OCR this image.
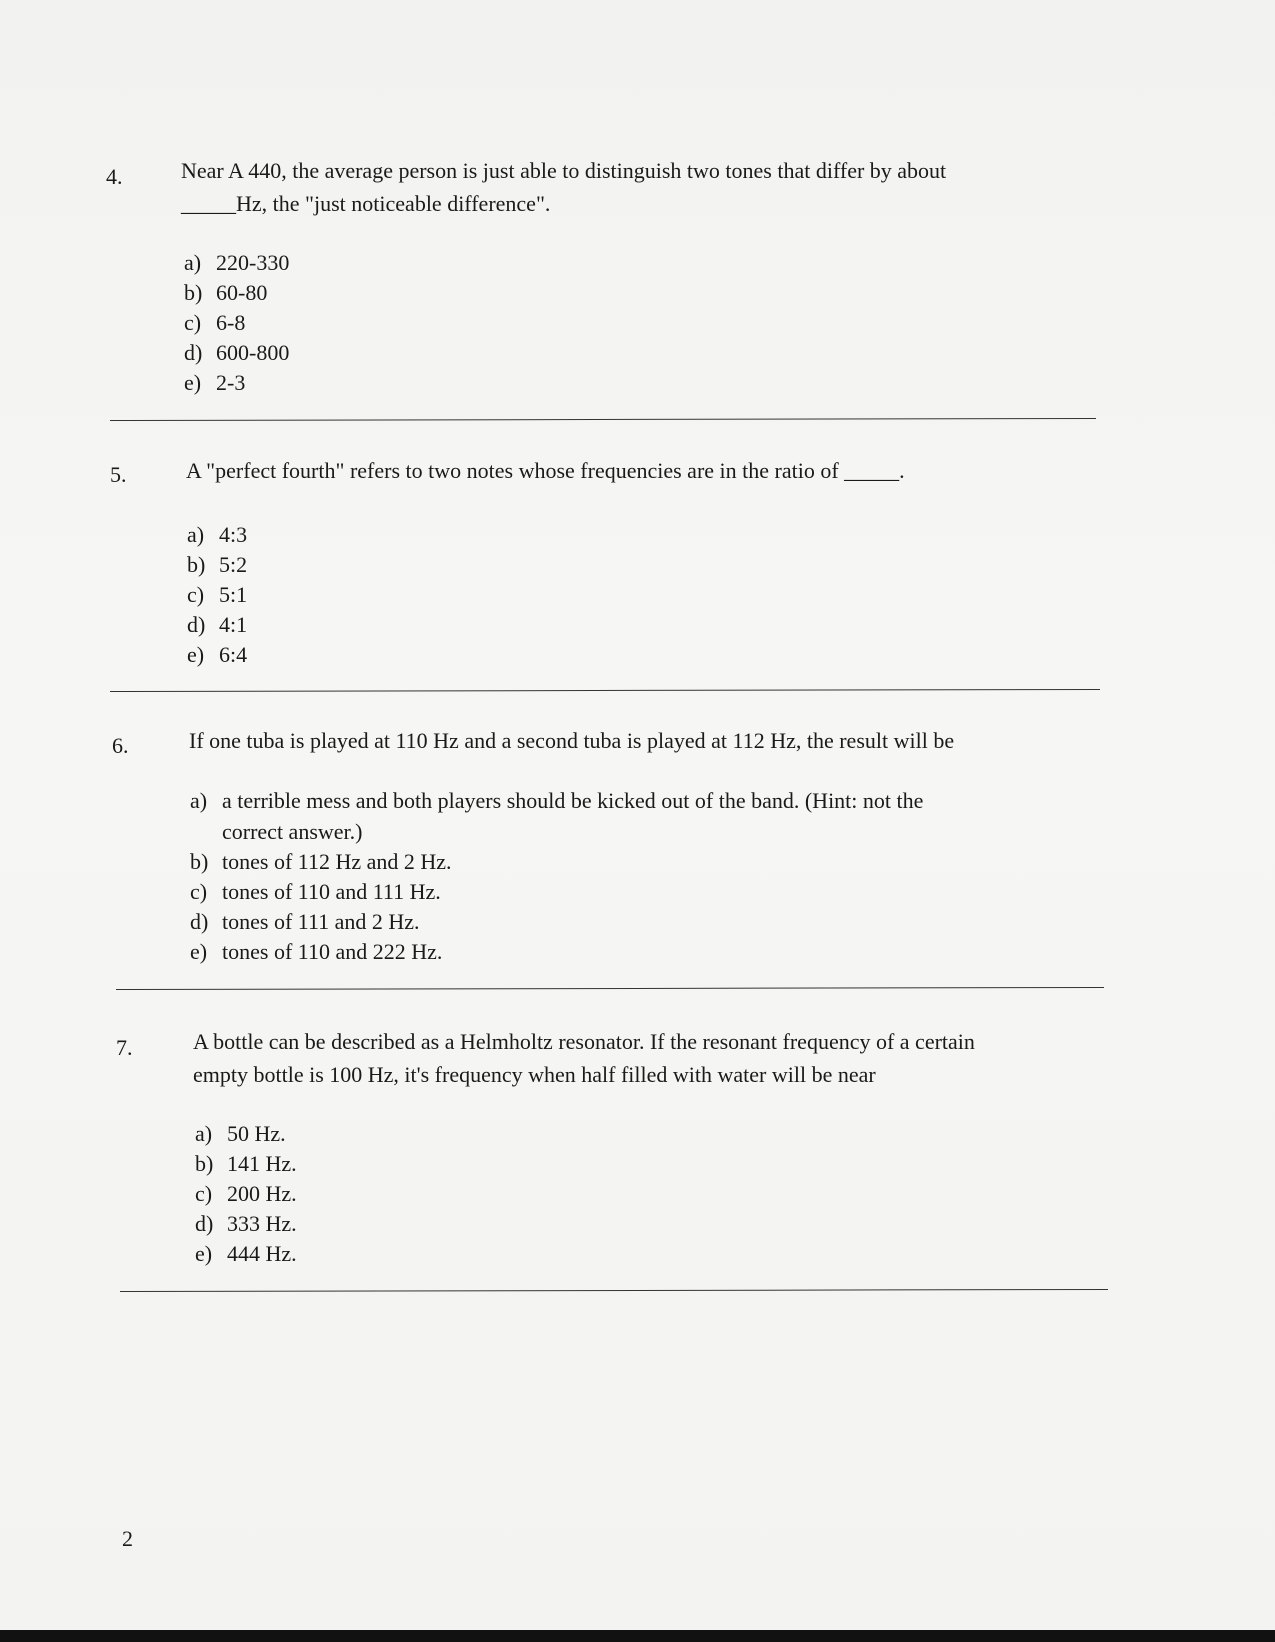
4.	Near A 440, the average person is just able to distinguish two tones that differ by about
_____Hz, the "just noticeable difference".
a) 220-330
b) 60-80
c) 6-8
d) 600-800
e) 2-3
5.	A "perfect fourth" refers to two notes whose frequencies are in the ratio of _____.
a) 4:3
b) 5:2
c) 5:1
d) 4:1
e) 6:4
6.	If one tuba is played at 110 Hz and a second tuba is played at 112 Hz, the result will be
a) a terrible mess and both players should be kicked out of the band. (Hint: not the
correct answer.)
b) tones of 112 Hz and 2 Hz.
c) tones of 110 and 111 Hz.
d) tones of 111 and 2 Hz.
e) tones of 110 and 222 Hz.
7.	A bottle can be described as a Helmholtz resonator. If the resonant frequency of a certain
empty bottle is 100 Hz, it's frequency when half filled with water will be near
a) 50 Hz.
b) 141 Hz.
c) 200 Hz.
d) 333 Hz.
e) 444 Hz.
2
